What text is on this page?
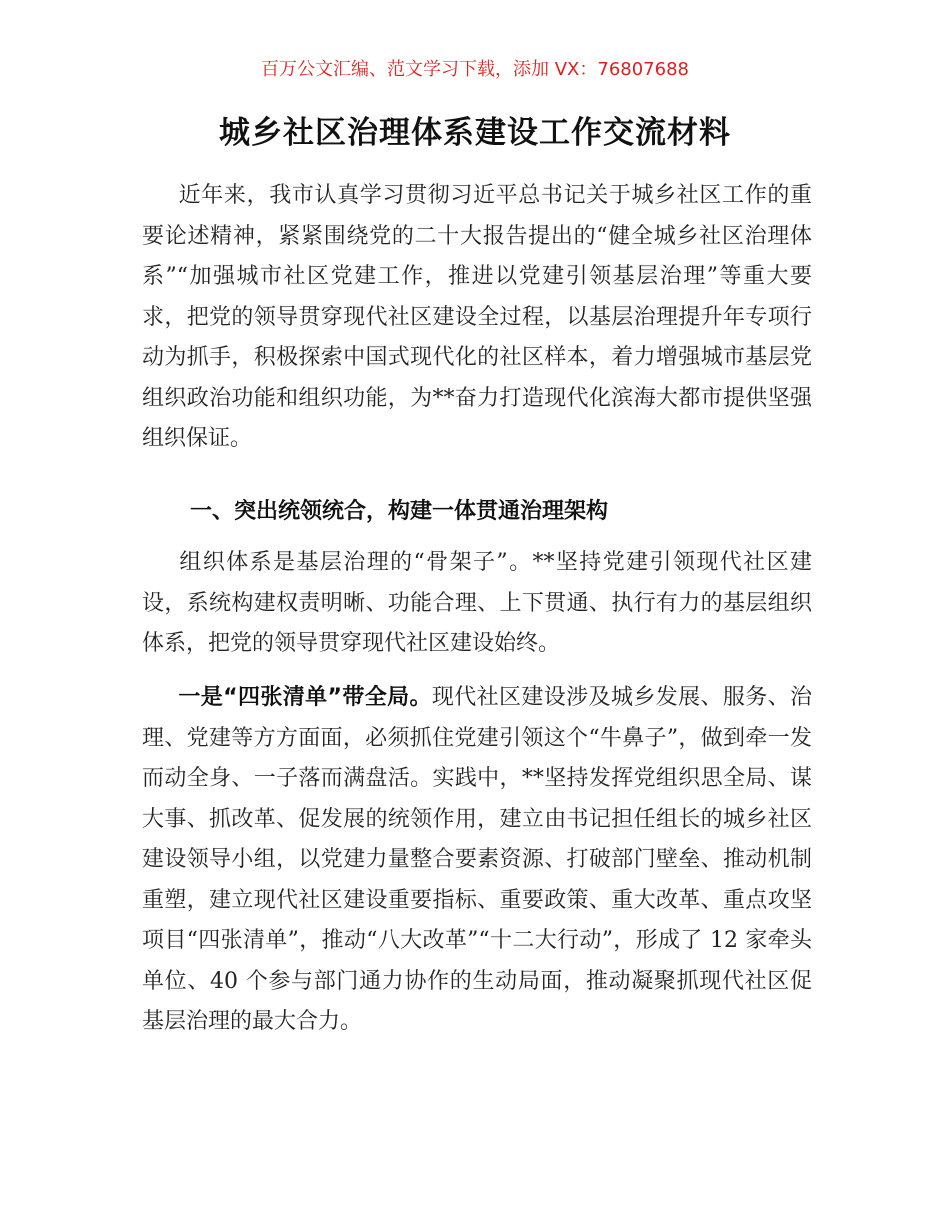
百万公文汇编、范文学习下载，添加 VX：76807688
城乡社区治理体系建设工作交流材料

近年来，我市认真学习贯彻习近平总书记关于城乡社区工作的重要论述精神，紧紧围绕党的二十大报告提出的“健全城乡社区治理体系”“加强城市社区党建工作，推进以党建引领基层治理”等重大要求，把党的领导贯穿现代社区建设全过程，以基层治理提升年专项行动为抓手，积极探索中国式现代化的社区样本，着力增强城市基层党组织政治功能和组织功能，为**奋力打造现代化滨海大都市提供坚强组织保证。

一、突出统领统合，构建一体贯通治理架构

组织体系是基层治理的“骨架子”。**坚持党建引领现代社区建设，系统构建权责明晰、功能合理、上下贯通、执行有力的基层组织体系，把党的领导贯穿现代社区建设始终。

一是“四张清单”带全局。现代社区建设涉及城乡发展、服务、治理、党建等方方面面，必须抓住党建引领这个“牛鼻子”，做到牵一发而动全身、一子落而满盘活。实践中，**坚持发挥党组织思全局、谋大事、抓改革、促发展的统领作用，建立由书记担任组长的城乡社区建设领导小组，以党建力量整合要素资源、打破部门壁垒、推动机制重塑，建立现代社区建设重要指标、重要政策、重大改革、重点攻坚项目“四张清单”，推动“八大改革”“十二大行动”，形成了 12 家牵头单位、40 个参与部门通力协作的生动局面，推动凝聚抓现代社区促基层治理的最大合力。
